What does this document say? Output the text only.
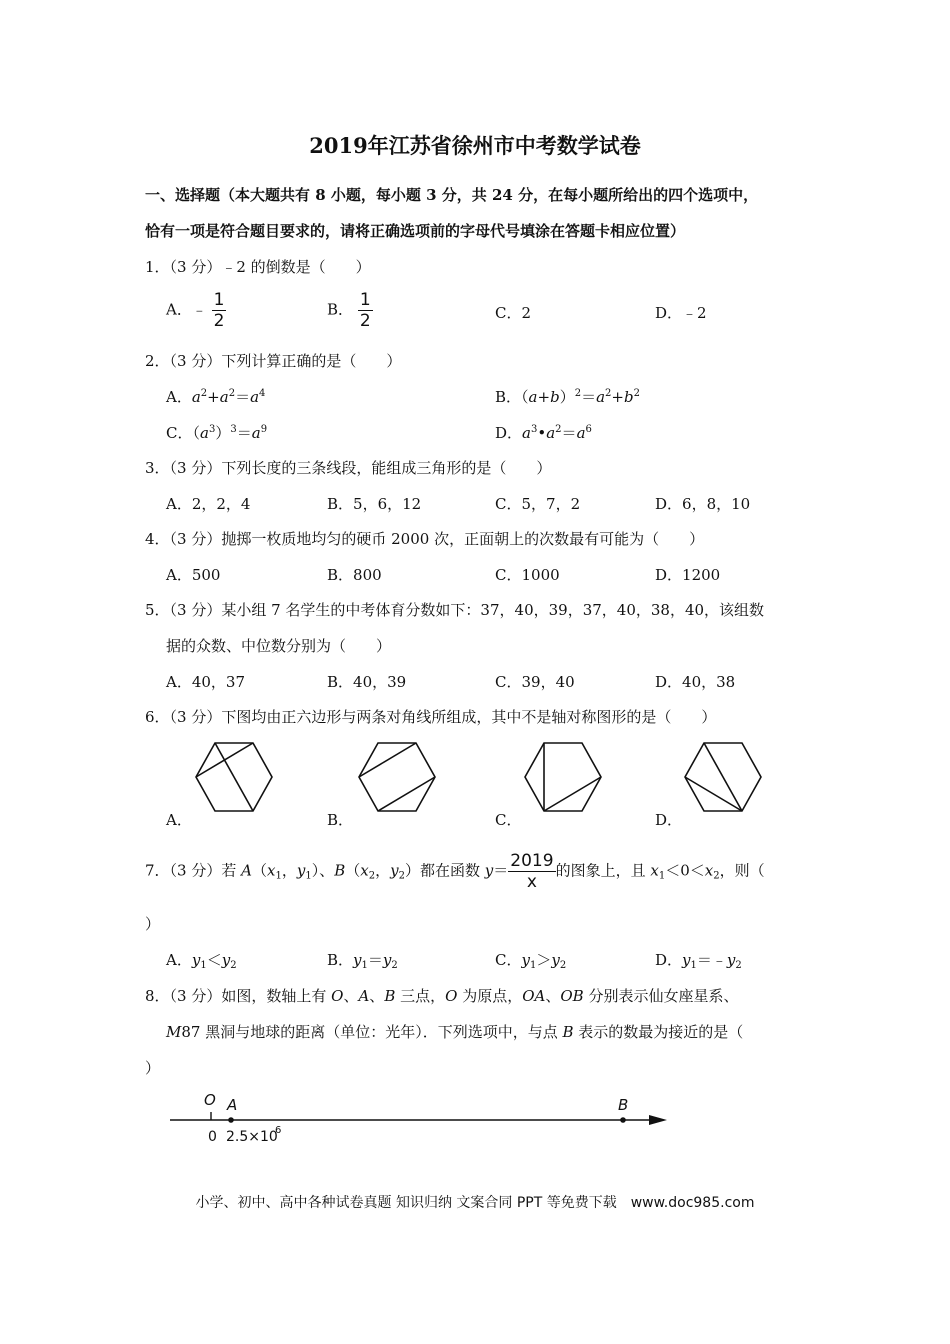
2019年江苏省徐州市中考数学试卷
一、选择题（本大题共有 8 小题，每小题 3 分，共 24 分，在每小题所给出的四个选项中，
恰有一项是符合题目要求的，请将正确选项前的字母代号填涂在答题卡相应位置）
1．（3 分）﹣2 的倒数是（　　）
A．﹣ $\frac{1}{2}$	B． $\frac{1}{2}$	C．2	D．﹣2
2．（3 分）下列计算正确的是（　　）
A．$a^2+a^2=a^4$	B．$(a+b)^2=a^2+b^2$
C．$(a^3)^3=a^9$	D．$a^3•a^2=a^6$
3．（3 分）下列长度的三条线段，能组成三角形的是（　　）
A．2，2，4	B．5，6，12	C．5，7，2	D．6，8，10
4．（3 分）抛掷一枚质地均匀的硬币 2000 次，正面朝上的次数最有可能为（　　）
A．500	B．800	C．1000	D．1200
5．（3 分）某小组 7 名学生的中考体育分数如下：37，40，39，37，40，38，40，该组数
据的众数、中位数分别为（　　）
A．40，37	B．40，39	C．39，40	D．40，38
6．（3 分）下图均由正六边形与两条对角线所组成，其中不是轴对称图形的是（　　）
A．	B．	C．	D．
7．（3 分）若 $A(x_1$，$y_1$）、$B(x_2$，$y_2$）都在函数 $y= \frac{2019}{x}$ 的图象上，且 $x_1<0<x_2$，则（
）
A．$y_1<y_2$	B．$y_1=y_2$	C．$y_1>y_2$	D．$y_1=﹣y_2$
8．（3 分）如图，数轴上有 O、A、B 三点，O 为原点，OA、OB 分别表示仙女座星系、
M87 黑洞与地球的距离（单位：光年）．下列选项中，与点 B 表示的数最为接近的是（
）
O A	B
0 2.5×10
6
小学、初中、高中各种试卷真题 知识归纳 文案合同 PPT 等免费下载　www.doc985.com
